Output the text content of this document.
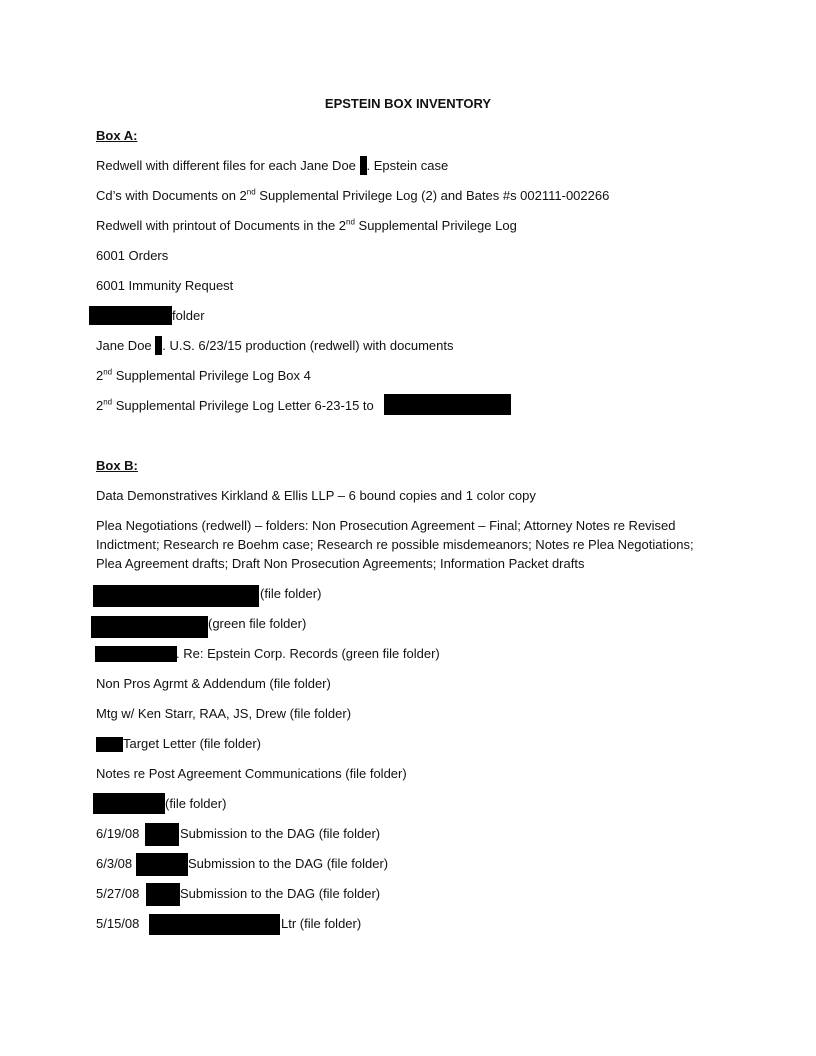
EPSTEIN BOX INVENTORY
Box A:
Redwell with different files for each Jane Doe . Epstein case
Cd’s with Documents on 2nd Supplemental Privilege Log (2) and Bates #s 002111-002266
Redwell with printout of Documents in the 2nd Supplemental Privilege Log
6001 Orders
6001 Immunity Request
folder
Jane Doe . U.S. 6/23/15 production (redwell) with documents
2nd Supplemental Privilege Log Box 4
2nd Supplemental Privilege Log Letter 6-23-15 to
Box B:
Data Demonstratives Kirkland & Ellis LLP – 6 bound copies and 1 color copy
Plea Negotiations (redwell) – folders: Non Prosecution Agreement – Final; Attorney Notes re Revised Indictment; Research re Boehm case; Research re possible misdemeanors; Notes re Plea Negotiations; Plea Agreement drafts; Draft Non Prosecution Agreements; Information Packet drafts
(file folder)
(green file folder)
. Re: Epstein Corp. Records (green file folder)
Non Pros Agrmt & Addendum (file folder)
Mtg w/ Ken Starr, RAA, JS, Drew (file folder)
Target Letter (file folder)
Notes re Post Agreement Communications (file folder)
(file folder)
6/19/08	Submission to the DAG (file folder)
6/3/08	Submission to the DAG (file folder)
5/27/08	Submission to the DAG (file folder)
5/15/08	Ltr (file folder)
